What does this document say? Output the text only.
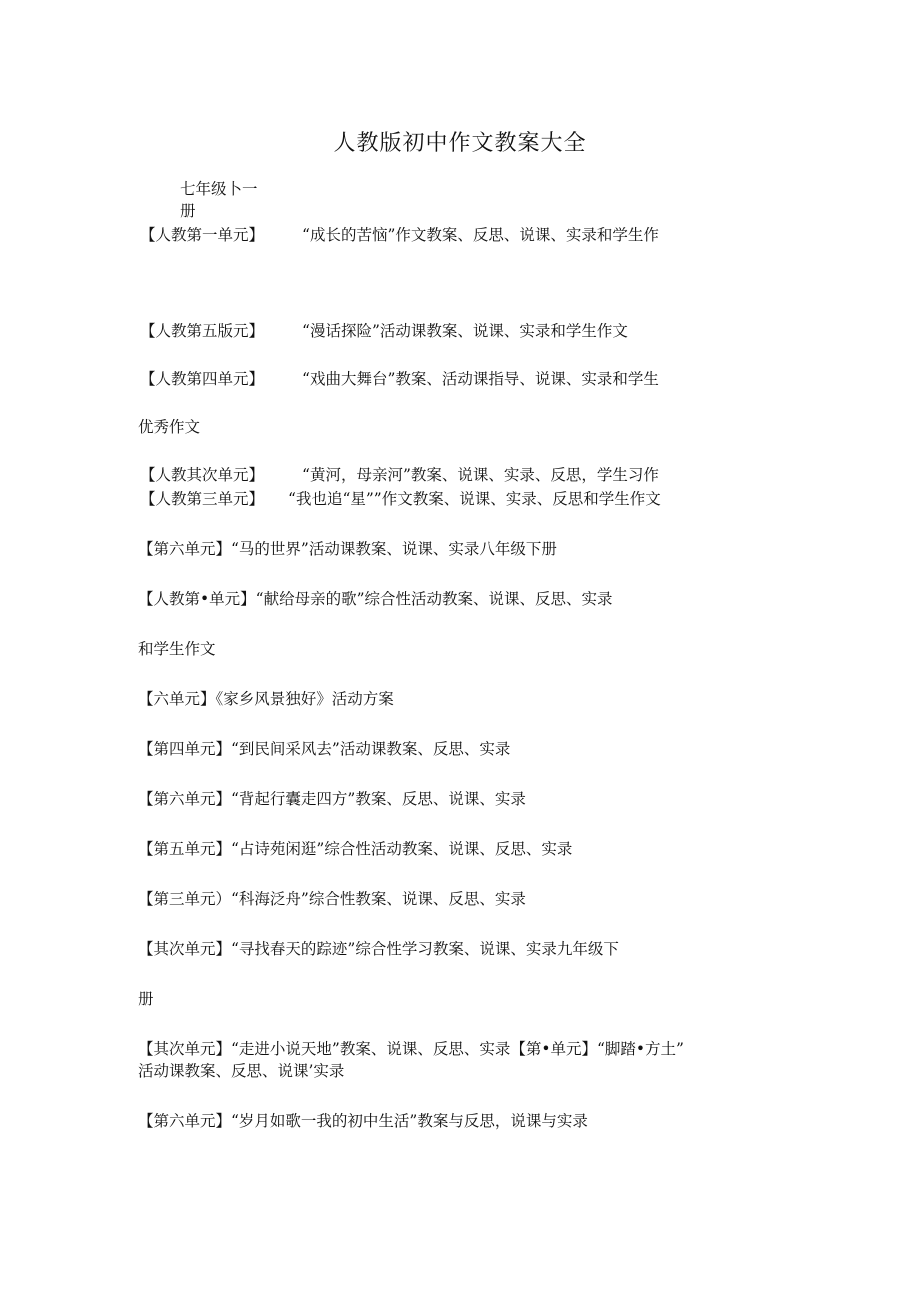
人教版初中作文教案大全
七年级卜一
册
【人教第一单元】 “成长的苦恼”作文教案、反思、说课、实录和学生作
【人教第五版元】 “漫话探险”活动课教案、说课、实录和学生作文
【人教第四单元】 “戏曲大舞台”教案、活动课指导、说课、实录和学生
优秀作文
【人教其次单元】 “黄河，母亲河”教案、说课、实录、反思，学生习作
【人教第三单元】 “我也追“星””作文教案、说课、实录、反思和学生作文
【第六单元】“马的世界”活动课教案、说课、实录八年级下册
【人教第•单元】“献给母亲的歌”综合性活动教案、说课、反思、实录
和学生作文
【六单元】《家乡风景独好》活动方案
【第四单元】“到民间采风去”活动课教案、反思、实录
【第六单元】“背起行囊走四方”教案、反思、说课、实录
【第五单元】“占诗苑闲逛”综合性活动教案、说课、反思、实录
【第三单元）“科海泛舟”综合性教案、说课、反思、实录
【其次单元】“寻找春天的踪迹”综合性学习教案、说课、实录九年级下
册
【其次单元】“走进小说天地”教案、说课、反思、实录【第•单元】“脚踏•方土”
活动课教案、反思、说课’实录
【第六单元】“岁月如歌一我的初中生活”教案与反思，说课与实录
